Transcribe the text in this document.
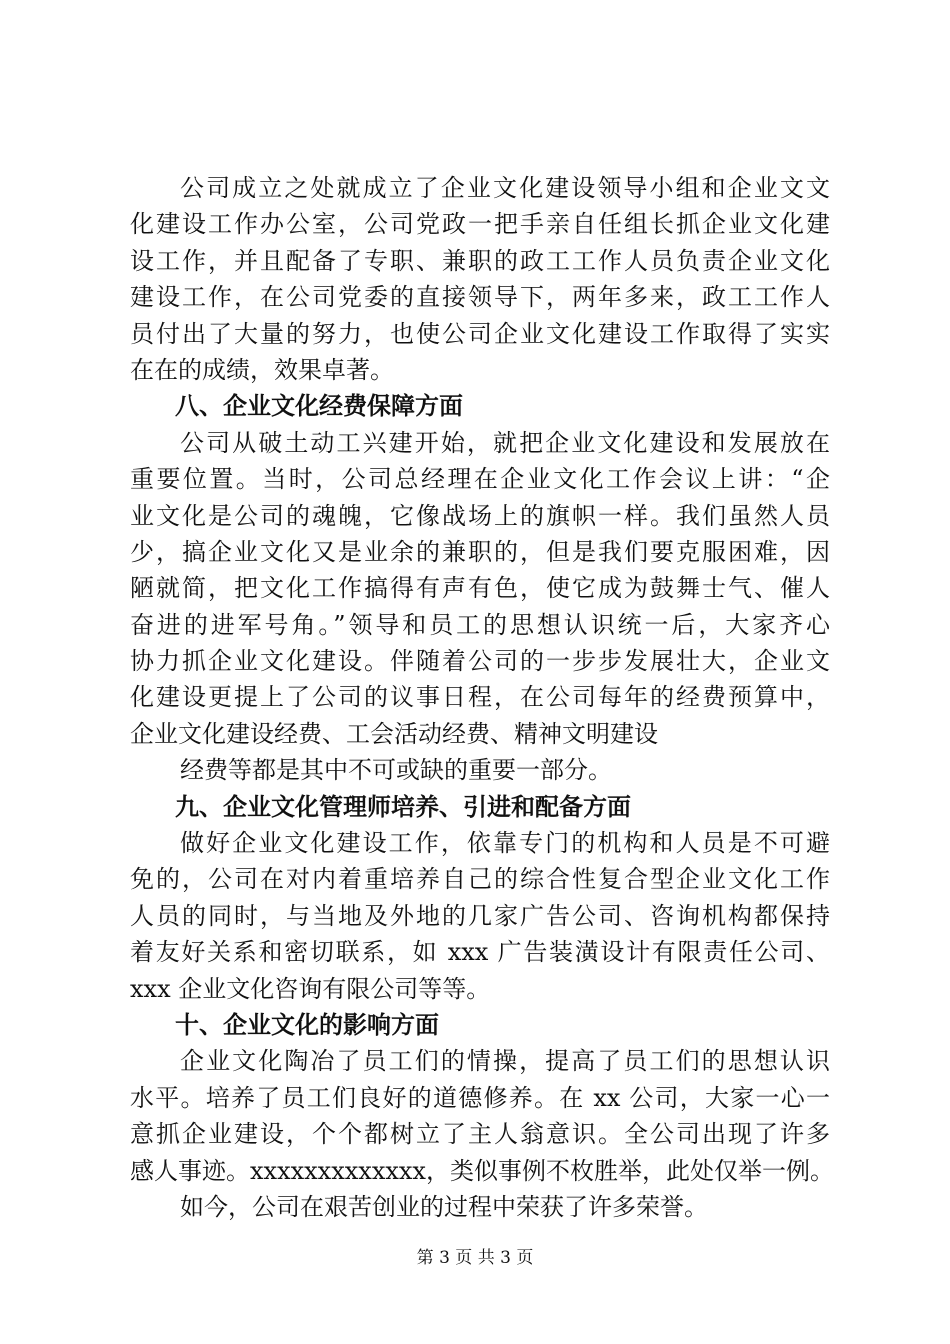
公司成立之处就成立了企业文化建设领导小组和企业文文
化建设工作办公室，公司党政一把手亲自任组长抓企业文化建
设工作，并且配备了专职、兼职的政工工作人员负责企业文化
建设工作，在公司党委的直接领导下，两年多来，政工工作人
员付出了大量的努力，也使公司企业文化建设工作取得了实实
在在的成绩，效果卓著。
八、企业文化经费保障方面
公司从破土动工兴建开始，就把企业文化建设和发展放在
重要位置。当时，公司总经理在企业文化工作会议上讲：“企
业文化是公司的魂魄，它像战场上的旗帜一样。我们虽然人员
少，搞企业文化又是业余的兼职的，但是我们要克服困难，因
陋就简，把文化工作搞得有声有色，使它成为鼓舞士气、催人
奋进的进军号角。”领导和员工的思想认识统一后，大家齐心
协力抓企业文化建设。伴随着公司的一步步发展壮大，企业文
化建设更提上了公司的议事日程，在公司每年的经费预算中，
企业文化建设经费、工会活动经费、精神文明建设
经费等都是其中不可或缺的重要一部分。
九、企业文化管理师培养、引进和配备方面
做好企业文化建设工作，依靠专门的机构和人员是不可避
免的，公司在对内着重培养自己的综合性复合型企业文化工作
人员的同时，与当地及外地的几家广告公司、咨询机构都保持
着友好关系和密切联系，如 xxx 广告装潢设计有限责任公司、
xxx 企业文化咨询有限公司等等。
十、企业文化的影响方面
企业文化陶冶了员工们的情操，提高了员工们的思想认识
水平。培养了员工们良好的道德修养。在 xx 公司，大家一心一
意抓企业建设，个个都树立了主人翁意识。全公司出现了许多
感人事迹。xxxxxxxxxxxxx，类似事例不枚胜举，此处仅举一例。
如今，公司在艰苦创业的过程中荣获了许多荣誉。
第 3 页 共 3 页
